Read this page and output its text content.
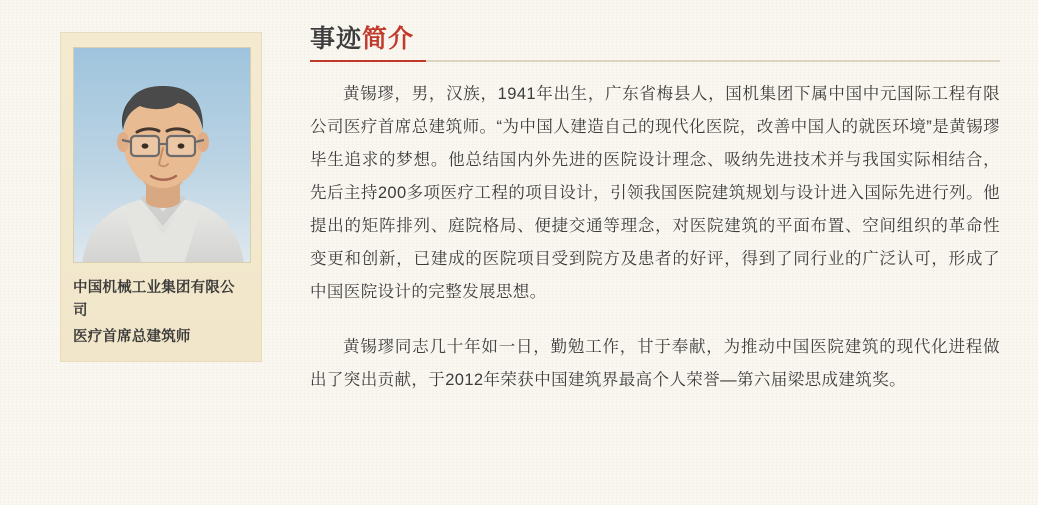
中国机械工业集团有限公司
医疗首席总建筑师
事迹简介

黄锡璆，男，汉族，1941年出生，广东省梅县人，国机集团下属中国中元国际工程有限公司医疗首席总建筑师。“为中国人建造自己的现代化医院，改善中国人的就医环境”是黄锡璆毕生追求的梦想。他总结国内外先进的医院设计理念、吸纳先进技术并与我国实际相结合，先后主持200多项医疗工程的项目设计，引领我国医院建筑规划与设计进入国际先进行列。他提出的矩阵排列、庭院格局、便捷交通等理念，对医院建筑的平面布置、空间组织的革命性变更和创新，已建成的医院项目受到院方及患者的好评，得到了同行业的广泛认可，形成了中国医院设计的完整发展思想。

黄锡璆同志几十年如一日，勤勉工作，甘于奉献，为推动中国医院建筑的现代化进程做出了突出贡献，于2012年荣获中国建筑界最高个人荣誉—第六届梁思成建筑奖。
